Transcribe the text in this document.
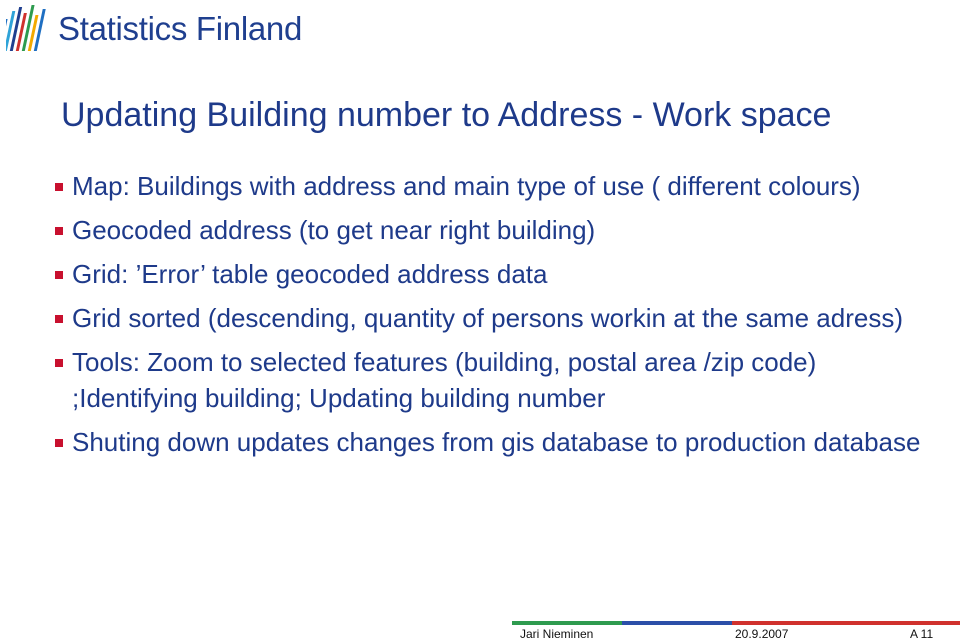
Statistics Finland
Updating Building number to Address - Work space
Map: Buildings with address and main type of use ( different colours)
Geocoded address (to get near right building)
Grid: ’Error’ table geocoded address data
Grid sorted (descending, quantity of persons workin at the same adress)
Tools: Zoom to selected features (building, postal area /zip code) ;Identifying building; Updating building number
Shuting down updates changes from gis database to production database
Jari Nieminen	20.9.2007	A 11
